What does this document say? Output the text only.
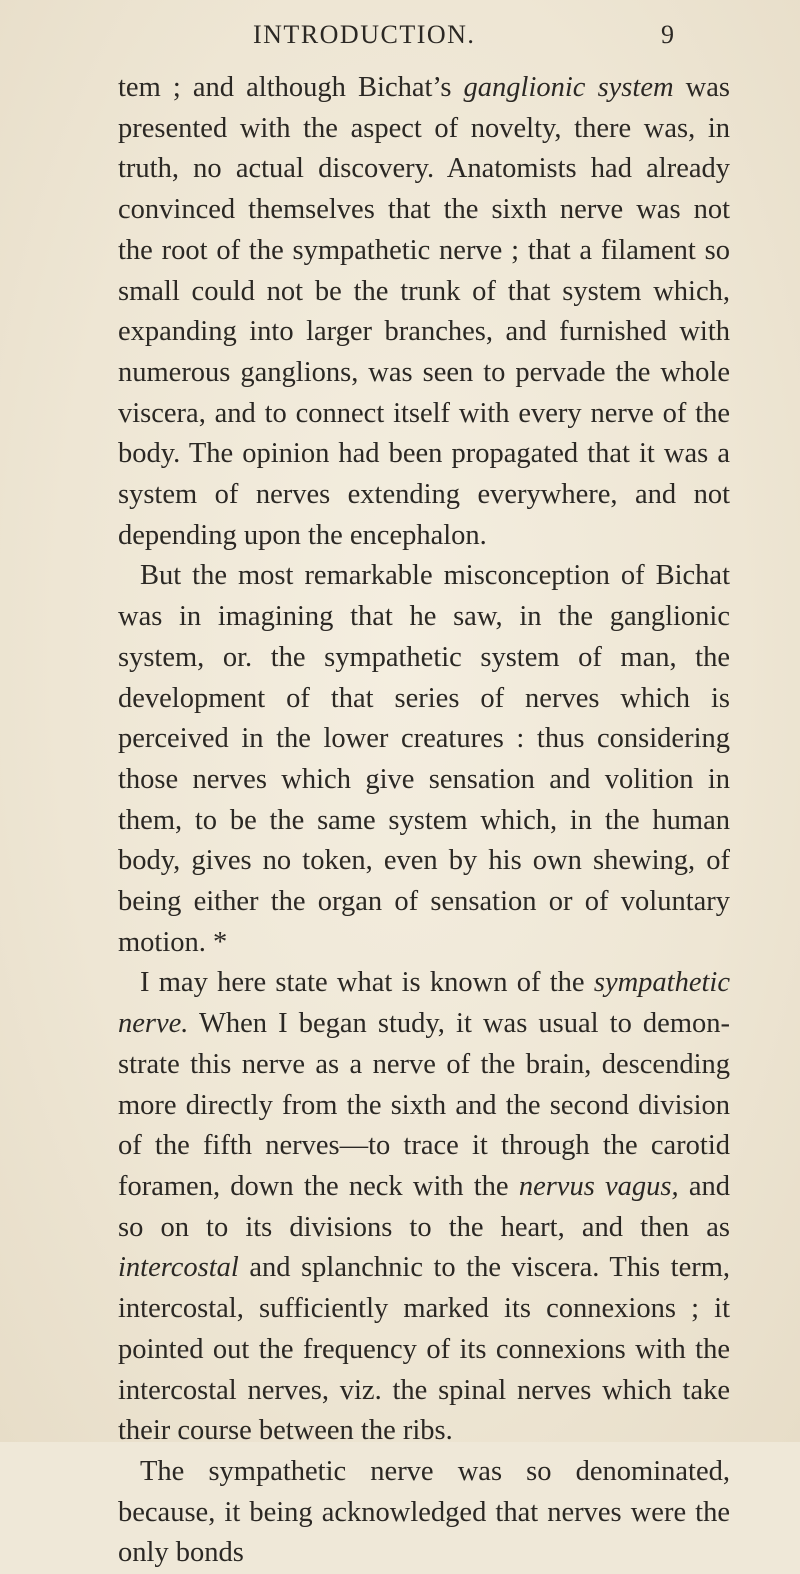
INTRODUCTION.	9

tem ; and although Bichat’s ganglionic system was presented with the aspect of novelty, there was, in truth, no actual discovery. Anatomists had already convinced themselves that the sixth nerve was not the root of the sympathetic nerve ; that a filament so small could not be the trunk of that system which, expanding into larger branches, and furnished with numerous ganglions, was seen to pervade the whole viscera, and to connect itself with every nerve of the body. The opinion had been propagated that it was a system of nerves extending everywhere, and not depending upon the encephalon.

But the most remarkable misconception of Bichat was in imagining that he saw, in the ganglionic system, or. the sympathetic system of man, the development of that series of nerves which is perceived in the lower creatures : thus considering those nerves which give sensation and volition in them, to be the same system which, in the human body, gives no token, even by his own shewing, of being either the organ of sensation or of voluntary motion. *

I may here state what is known of the sympathetic nerve. When I began study, it was usual to demonstrate this nerve as a nerve of the brain, descending more directly from the sixth and the second division of the fifth nerves—to trace it through the carotid foramen, down the neck with the nervus vagus, and so on to its divisions to the heart, and then as intercostal and splanchnic to the viscera. This term, intercostal, sufficiently marked its connexions ; it pointed out the frequency of its connexions with the intercostal nerves, viz. the spinal nerves which take their course between the ribs.

The sympathetic nerve was so denominated, because, it being acknowledged that nerves were the only bonds
